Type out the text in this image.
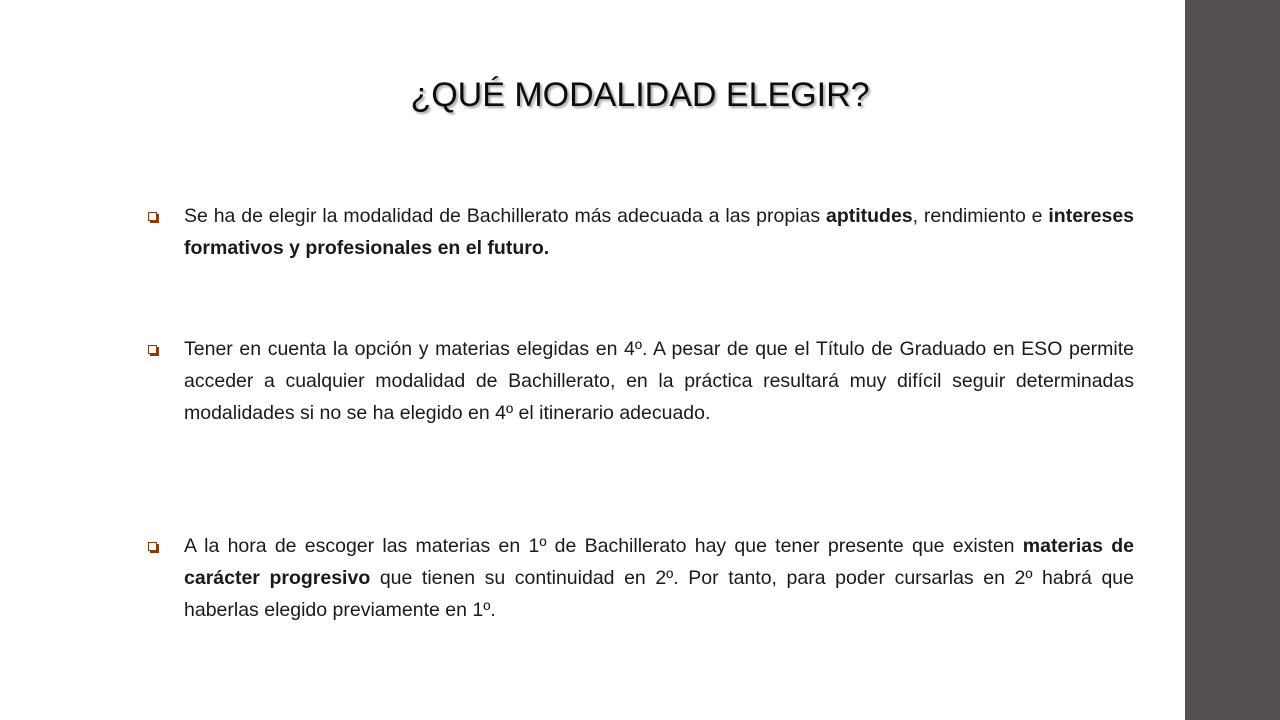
¿QUÉ MODALIDAD ELEGIR?

Se ha de elegir la modalidad de Bachillerato más adecuada a las propias aptitudes, rendimiento e intereses formativos y profesionales en el futuro.

Tener en cuenta la opción y materias elegidas en 4º. A pesar de que el Título de Graduado en ESO permite acceder a cualquier modalidad de Bachillerato, en la práctica resultará muy difícil seguir determinadas modalidades si no se ha elegido en 4º el itinerario adecuado.

A la hora de escoger las materias en 1º de Bachillerato hay que tener presente que existen materias de carácter progresivo que tienen su continuidad en 2º. Por tanto, para poder cursarlas en 2º habrá que haberlas elegido previamente en 1º.
